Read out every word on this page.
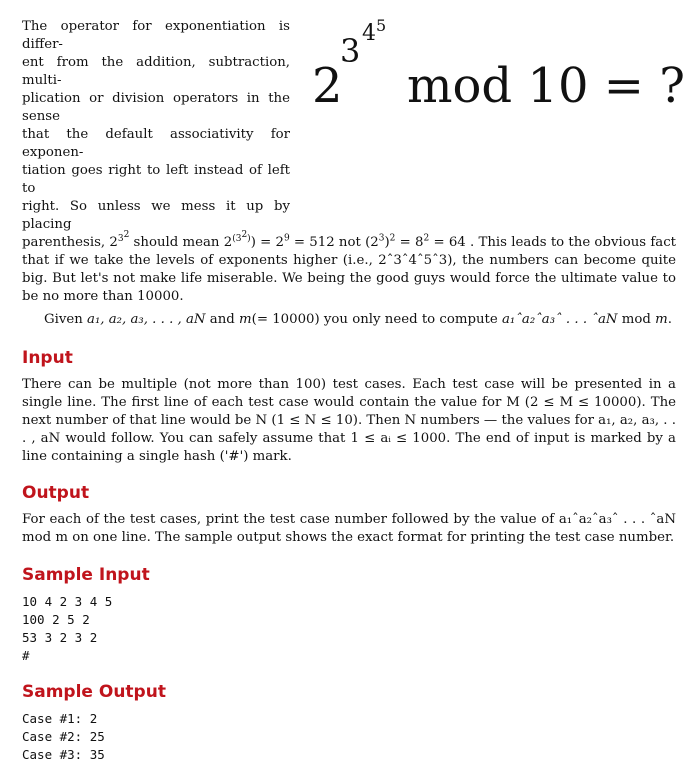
2
3 4 5
mod 10 = ?
The operator for exponentiation is differ-
ent from the addition, subtraction, multi-
plication or division operators in the sense
that the default associativity for exponen-
tiation goes right to left instead of left to
right. So unless we mess it up by placing

parenthesis, $2^{3^2}$ should mean $2^{(3^2)}) = 2^9 = 512$ not $(2^3)^2 = 8^2 = 64$ . This leads to the obvious fact that if we take the levels of exponents higher (i.e., 2ˆ3ˆ4ˆ5ˆ3), the numbers can become quite big. But let's not make life miserable. We being the good guys would force the ultimate value to be no more than 10000.

Given a₁, a₂, a₃, . . . , aN and m(= 10000) you only need to compute a₁ˆa₂ˆa₃ˆ . . . ˆaN mod m.

Input

There can be multiple (not more than 100) test cases. Each test case will be presented in a single line. The first line of each test case would contain the value for M (2 ≤ M ≤ 10000). The next number of that line would be N (1 ≤ N ≤ 10). Then N numbers — the values for a₁, a₂, a₃, . . . , aN would follow. You can safely assume that 1 ≤ aᵢ ≤ 1000. The end of input is marked by a line containing a single hash ('#') mark.

Output

For each of the test cases, print the test case number followed by the value of a₁ˆa₂ˆa₃ˆ . . . ˆaN mod m on one line. The sample output shows the exact format for printing the test case number.

Sample Input
10 4 2 3 4 5
100 2 5 2
53 3 2 3 2
#
Sample Output
Case #1: 2
Case #2: 25
Case #3: 35
